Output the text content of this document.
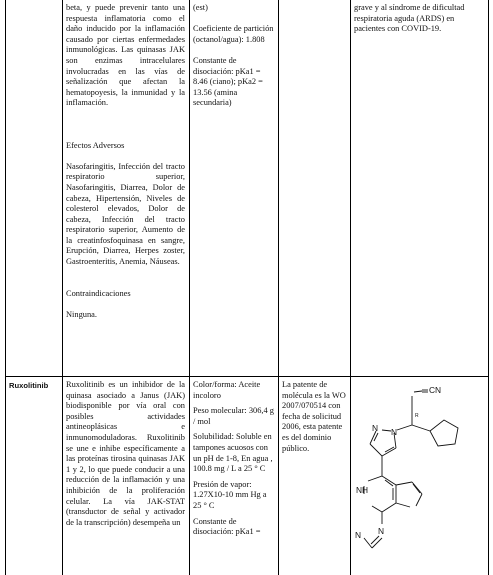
beta, y puede prevenir tanto una respuesta inflamatoria como el daño inducido por la inflamación causado por ciertas enfermedades inmunológicas. Las quinasas JAK son enzimas intracelulares involucradas en las vías de señalización que afectan la hematopoyesis, la inmunidad y la inflamación.

Efectos Adversos

Nasofaringitis, Infección del tracto respiratorio superior, Nasofaringitis, Diarrea, Dolor de cabeza, Hipertensión, Niveles de colesterol elevados, Dolor de cabeza, Infección del tracto respiratorio superior, Aumento de la creatinfosfoquinasa en sangre, Erupción, Diarrea, Herpes zoster, Gastroenteritis, Anemia, Náuseas.

Contraindicaciones

Ninguna.

(est)

Coeficiente de partición (octanol/agua): 1.808

Constante de disociación: pKa1 = 8.46 (ciano); pKa2 = 13.56 (amina secundaria)

grave y al síndrome de dificultad respiratoria aguda (ARDS) en pacientes con COVID-19.

Ruxolitinib	Ruxolitinib es un inhibidor de la quinasa asociado a Janus (JAK) biodisponible por vía oral con posibles actividades antineoplásicas e inmunomoduladoras. Ruxolitinib se une e inhibe específicamente a las proteínas tirosina quinasas JAK 1 y 2, lo que puede conducir a una reducción de la inflamación y una inhibición de la proliferación celular. La vía JAK-STAT (transductor de señal y activador de la transcripción) desempeña un

Color/forma: Aceite incoloro

Peso molecular: 306,4 g / mol

Solubilidad: Soluble en tampones acuosos con un pH de 1-8, En agua , 100.8 mg / L a 25 ° C

Presión de vapor: 1.27X10-10 mm Hg a 25 ° C

Constante de disociación: pKa1 =

La patente de molécula es la WO 2007/070514 con fecha de solicitud 2006, esta patente es del dominio público.

CN
R
N
N
NH
N
N
